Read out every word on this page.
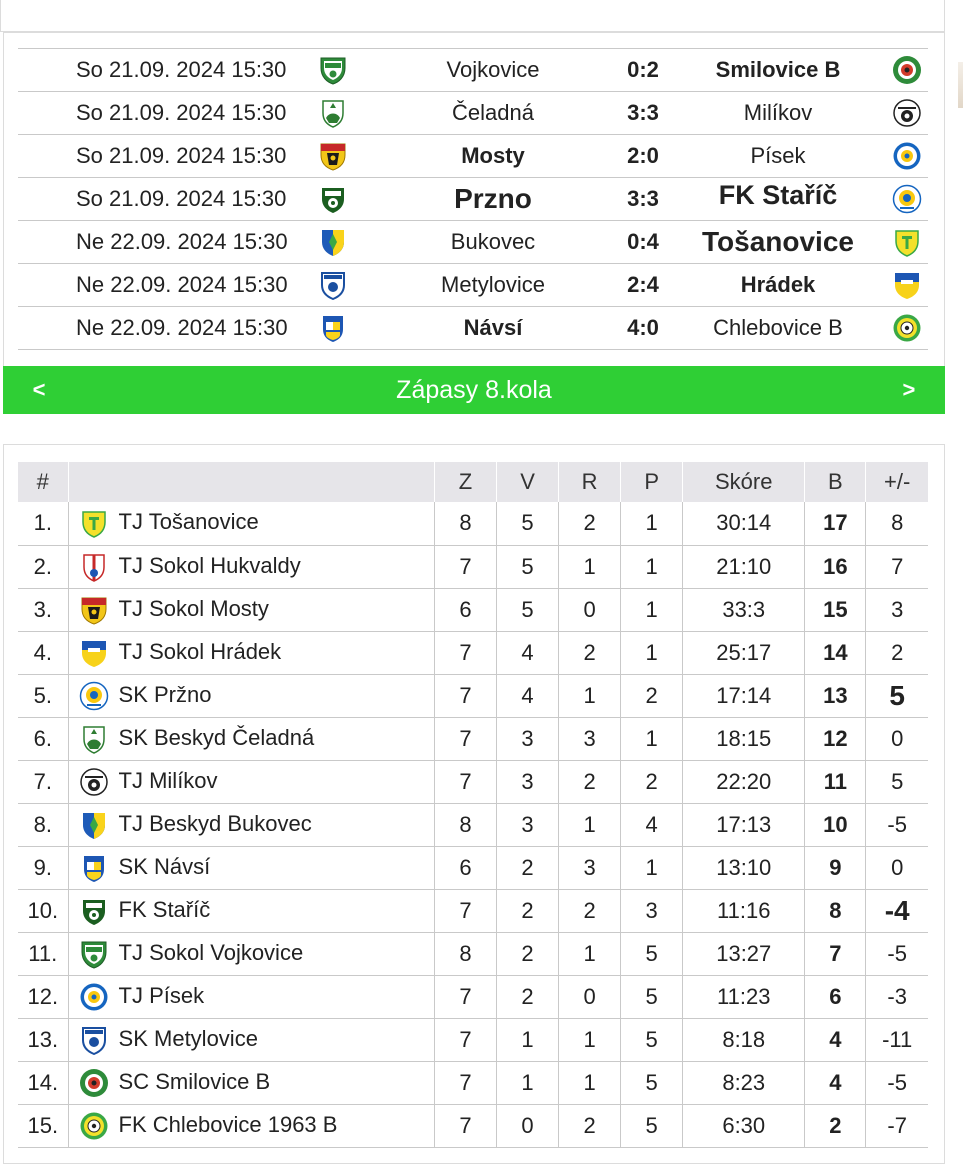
So 21.09. 2024 15:30		Vojkovice	0:2	Smilovice B	

So 21.09. 2024 15:30		Čeladná	3:3	Milíkov	

So 21.09. 2024 15:30		Mosty	2:0	Písek	

So 21.09. 2024 15:30		Przno	3:3	FK Staříč	

Ne 22.09. 2024 15:30		Bukovec	0:4	Tošanovice	

Ne 22.09. 2024 15:30		Metylovice	2:4	Hrádek	

Ne 22.09. 2024 15:30		Návsí	4:0	Chlebovice B	
<	Zápasy 8.kola	>
#		Z	V	R	P	Skóre	B	+/-
1.	TJ Tošanovice	8	5	2	1	30:14	17	8
2.	TJ Sokol Hukvaldy	7	5	1	1	21:10	16	7
3.	TJ Sokol Mosty	6	5	0	1	33:3	15	3
4.	TJ Sokol Hrádek	7	4	2	1	25:17	14	2
5.	SK Pržno	7	4	1	2	17:14	13	5
6.	SK Beskyd Čeladná	7	3	3	1	18:15	12	0
7.	TJ Milíkov	7	3	2	2	22:20	11	5
8.	TJ Beskyd Bukovec	8	3	1	4	17:13	10	-5
9.	SK Návsí	6	2	3	1	13:10	9	0
10.	FK Staříč	7	2	2	3	11:16	8	-4
11.	TJ Sokol Vojkovice	8	2	1	5	13:27	7	-5
12.	TJ Písek	7	2	0	5	11:23	6	-3
13.	SK Metylovice	7	1	1	5	8:18	4	-11
14.	SC Smilovice B	7	1	1	5	8:23	4	-5
15.	FK Chlebovice 1963 B	7	0	2	5	6:30	2	-7
